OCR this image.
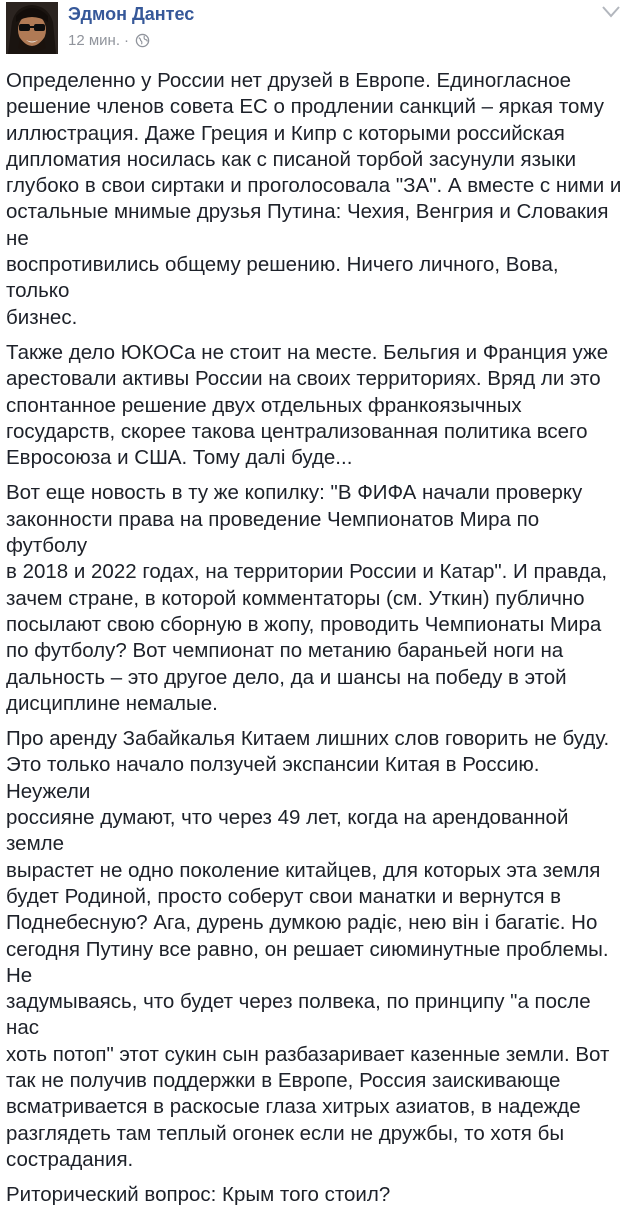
Эдмон Дантес
12 мин. ·

Определенно у России нет друзей в Европе. Единогласное
решение членов совета ЕС о продлении санкций – яркая тому
иллюстрация. Даже Греция и Кипр с которыми российская
дипломатия носилась как с писаной торбой засунули языки
глубоко в свои сиртаки и проголосовала "ЗА". А вместе с ними и
остальные мнимые друзья Путина: Чехия, Венгрия и Словакия не
воспротивились общему решению. Ничего личного, Вова, только
бизнес.

Также дело ЮКОСа не стоит на месте. Бельгия и Франция уже
арестовали активы России на своих территориях. Вряд ли это
спонтанное решение двух отдельных франкоязычных
государств, скорее такова централизованная политика всего
Евросоюза и США. Тому далі буде...

Вот еще новость в ту же копилку: "В ФИФА начали проверку
законности права на проведение Чемпионатов Мира по футболу
в 2018 и 2022 годах, на территории России и Катар". И правда,
зачем стране, в которой комментаторы (см. Уткин) публично
посылают свою сборную в жопу, проводить Чемпионаты Мира
по футболу? Вот чемпионат по метанию бараньей ноги на
дальность – это другое дело, да и шансы на победу в этой
дисциплине немалые.

Про аренду Забайкалья Китаем лишних слов говорить не буду.
Это только начало ползучей экспансии Китая в Россию. Неужели
россияне думают, что через 49 лет, когда на арендованной земле
вырастет не одно поколение китайцев, для которых эта земля
будет Родиной, просто соберут свои манатки и вернутся в
Поднебесную? Ага, дурень думкою радіє, нею він і багатіє. Но
сегодня Путину все равно, он решает сиюминутные проблемы. Не
задумываясь, что будет через полвека, по принципу "а после нас
хоть потоп" этот сукин сын разбазаривает казенные земли. Вот
так не получив поддержки в Европе, Россия заискивающе
всматривается в раскосые глаза хитрых азиатов, в надежде
разглядеть там теплый огонек если не дружбы, то хотя бы
сострадания.

Риторический вопрос: Крым того стоил?
